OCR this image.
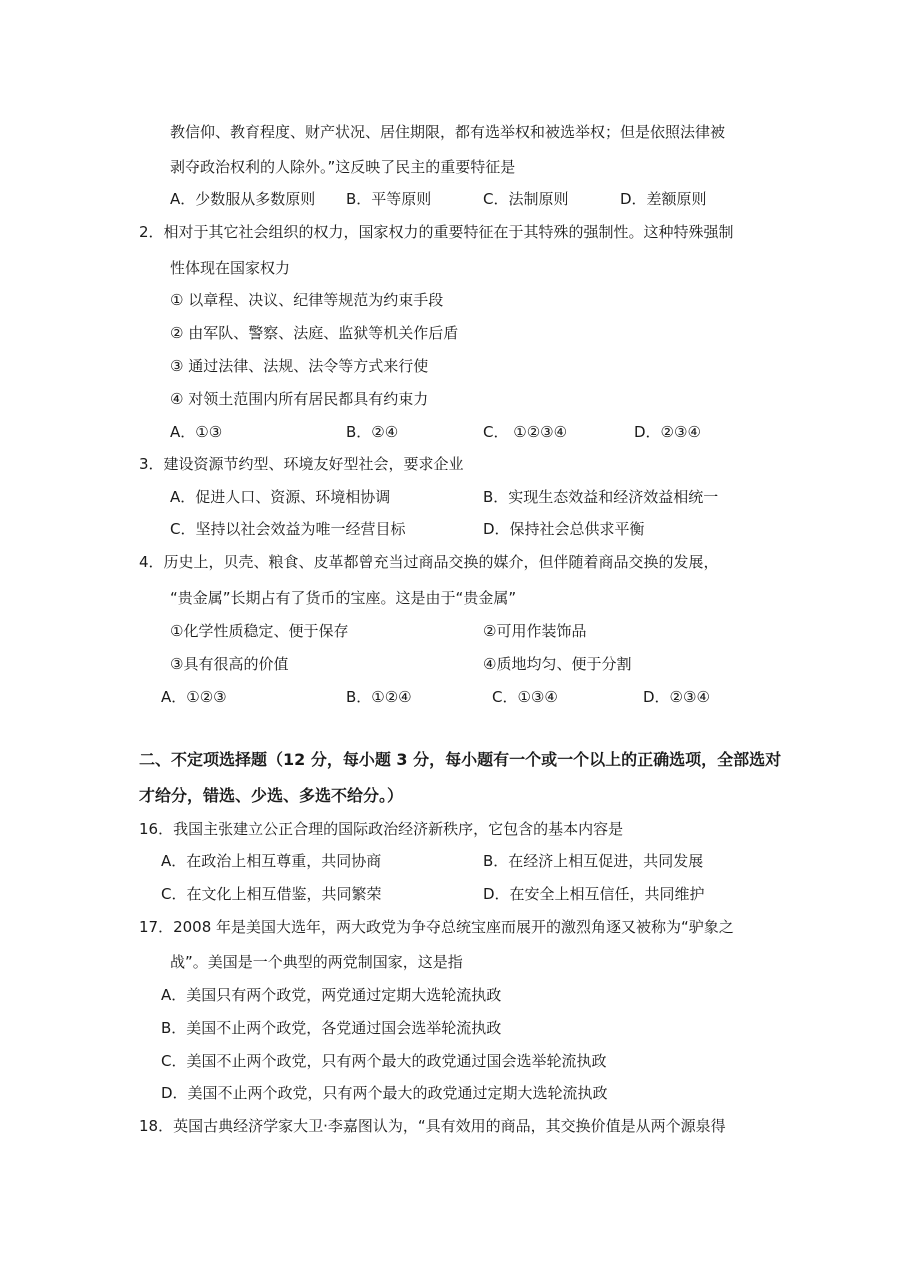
教信仰、教育程度、财产状况、居住期限，都有选举权和被选举权；但是依照法律被
剥夺政治权利的人除外。”这反映了民主的重要特征是
A．少数服从多数原则 B．平等原则	C．法制原则	D．差额原则
2．相对于其它社会组织的权力，国家权力的重要特征在于其特殊的强制性。这种特殊强制
性体现在国家权力
① 以章程、决议、纪律等规范为约束手段
② 由军队、警察、法庭、监狱等机关作后盾
③ 通过法律、法规、法令等方式来行使
④ 对领土范围内所有居民都具有约束力
A．①③	B．②④	C． ①②③④	D．②③④
3．建设资源节约型、环境友好型社会，要求企业
A．促进人口、资源、环境相协调	B．实现生态效益和经济效益相统一
C．坚持以社会效益为唯一经营目标	D．保持社会总供求平衡
4．历史上，贝壳、粮食、皮革都曾充当过商品交换的媒介，但伴随着商品交换的发展，
“贵金属”长期占有了货币的宝座。这是由于“贵金属”
①化学性质稳定、便于保存	②可用作装饰品
③具有很高的价值	④质地均匀、便于分割
A．①②③	B．①②④	C．①③④	D．②③④
二、不定项选择题（12 分，每小题 3 分，每小题有一个或一个以上的正确选项，全部选对
才给分，错选、少选、多选不给分。）
16．我国主张建立公正合理的国际政治经济新秩序，它包含的基本内容是
A．在政治上相互尊重，共同协商	B．在经济上相互促进，共同发展
C．在文化上相互借鉴，共同繁荣	D．在安全上相互信任，共同维护
17．2008 年是美国大选年，两大政党为争夺总统宝座而展开的激烈角逐又被称为“驴象之
战”。美国是一个典型的两党制国家，这是指
A．美国只有两个政党，两党通过定期大选轮流执政
B．美国不止两个政党，各党通过国会选举轮流执政
C．美国不止两个政党，只有两个最大的政党通过国会选举轮流执政
D．美国不止两个政党，只有两个最大的政党通过定期大选轮流执政
18．英国古典经济学家大卫·李嘉图认为，“具有效用的商品，其交换价值是从两个源泉得
